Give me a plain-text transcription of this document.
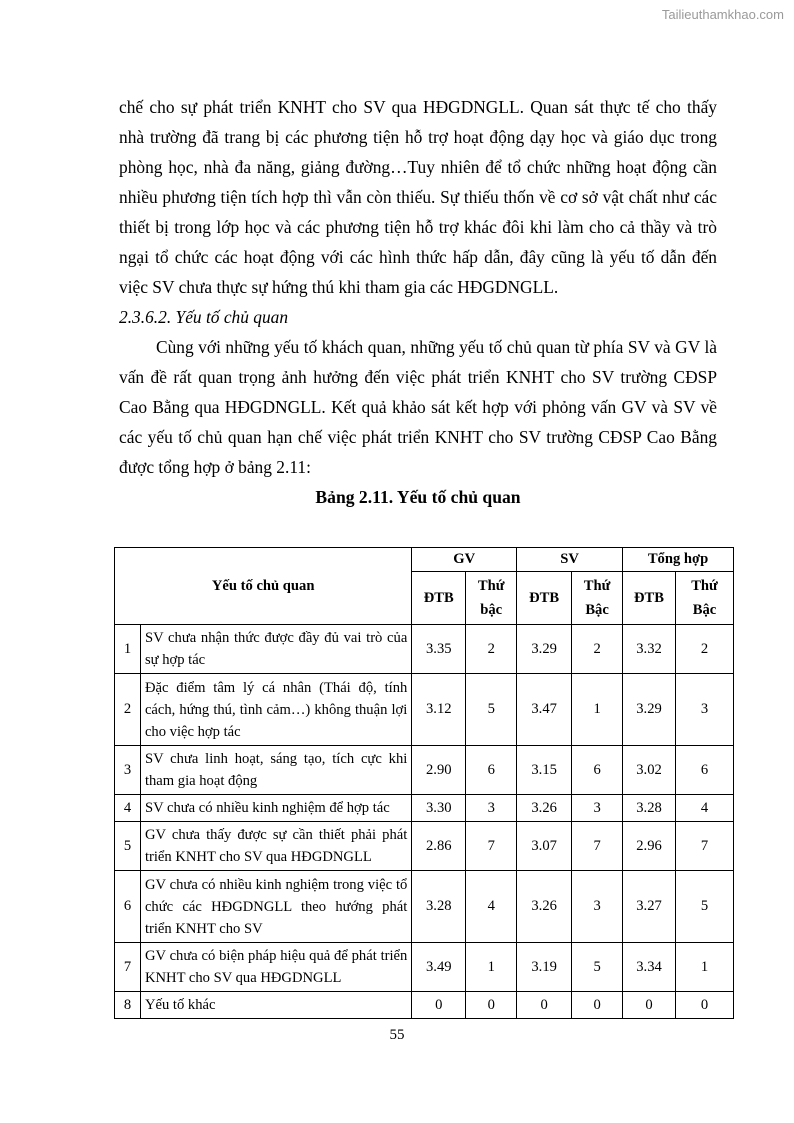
Tailieuthamkhao.com

chế cho sự phát triển KNHT cho SV qua HĐGDNGLL. Quan sát thực tế cho thấy nhà trường đã trang bị các phương tiện hỗ trợ hoạt động dạy học và giáo dục trong phòng học, nhà đa năng, giảng đường…Tuy nhiên để tổ chức những hoạt động cần nhiều phương tiện tích hợp thì vẫn còn thiếu. Sự thiếu thốn về cơ sở vật chất như các thiết bị trong lớp học và các phương tiện hỗ trợ khác đôi khi làm cho cả thầy và trò ngại tổ chức các hoạt động với các hình thức hấp dẫn, đây cũng là yếu tố dẫn đến việc SV chưa thực sự hứng thú khi tham gia các HĐGDNGLL.

2.3.6.2. Yếu tố chủ quan

Cùng với những yếu tố khách quan, những yếu tố chủ quan từ phía SV và GV là vấn đề rất quan trọng ảnh hưởng đến việc phát triển KNHT cho SV trường CĐSP Cao Bằng qua HĐGDNGLL. Kết quả khảo sát kết hợp với phỏng vấn GV và SV về các yếu tố chủ quan hạn chế việc phát triển KNHT cho SV trường CĐSP Cao Bằng được tổng hợp ở bảng 2.11:

Bảng 2.11. Yếu tố chủ quan

Yếu tố chủ quan		GV		SV		Tổng hợp	
		ĐTB	Thứ bậc	ĐTB	Thứ Bậc	ĐTB	Thứ Bậc
1	SV chưa nhận thức được đầy đủ vai trò của sự hợp tác	3.35	2	3.29	2	3.32	2
2	Đặc điểm tâm lý cá nhân (Thái độ, tính cách, hứng thú, tình cảm…) không thuận lợi cho việc hợp tác	3.12	5	3.47	1	3.29	3
3	SV chưa linh hoạt, sáng tạo, tích cực khi tham gia hoạt động	2.90	6	3.15	6	3.02	6
4	SV chưa có nhiều kinh nghiệm để hợp tác	3.30	3	3.26	3	3.28	4
5	GV chưa thấy được sự cần thiết phải phát triển KNHT cho SV qua HĐGDNGLL	2.86	7	3.07	7	2.96	7
6	GV chưa có nhiều kinh nghiệm trong việc tổ chức các HĐGDNGLL theo hướng phát triển KNHT cho SV	3.28	4	3.26	3	3.27	5
7	GV chưa có biện pháp hiệu quả để phát triển KNHT cho SV qua HĐGDNGLL	3.49	1	3.19	5	3.34	1
8	Yếu tố khác	0	0	0	0	0	0
55
